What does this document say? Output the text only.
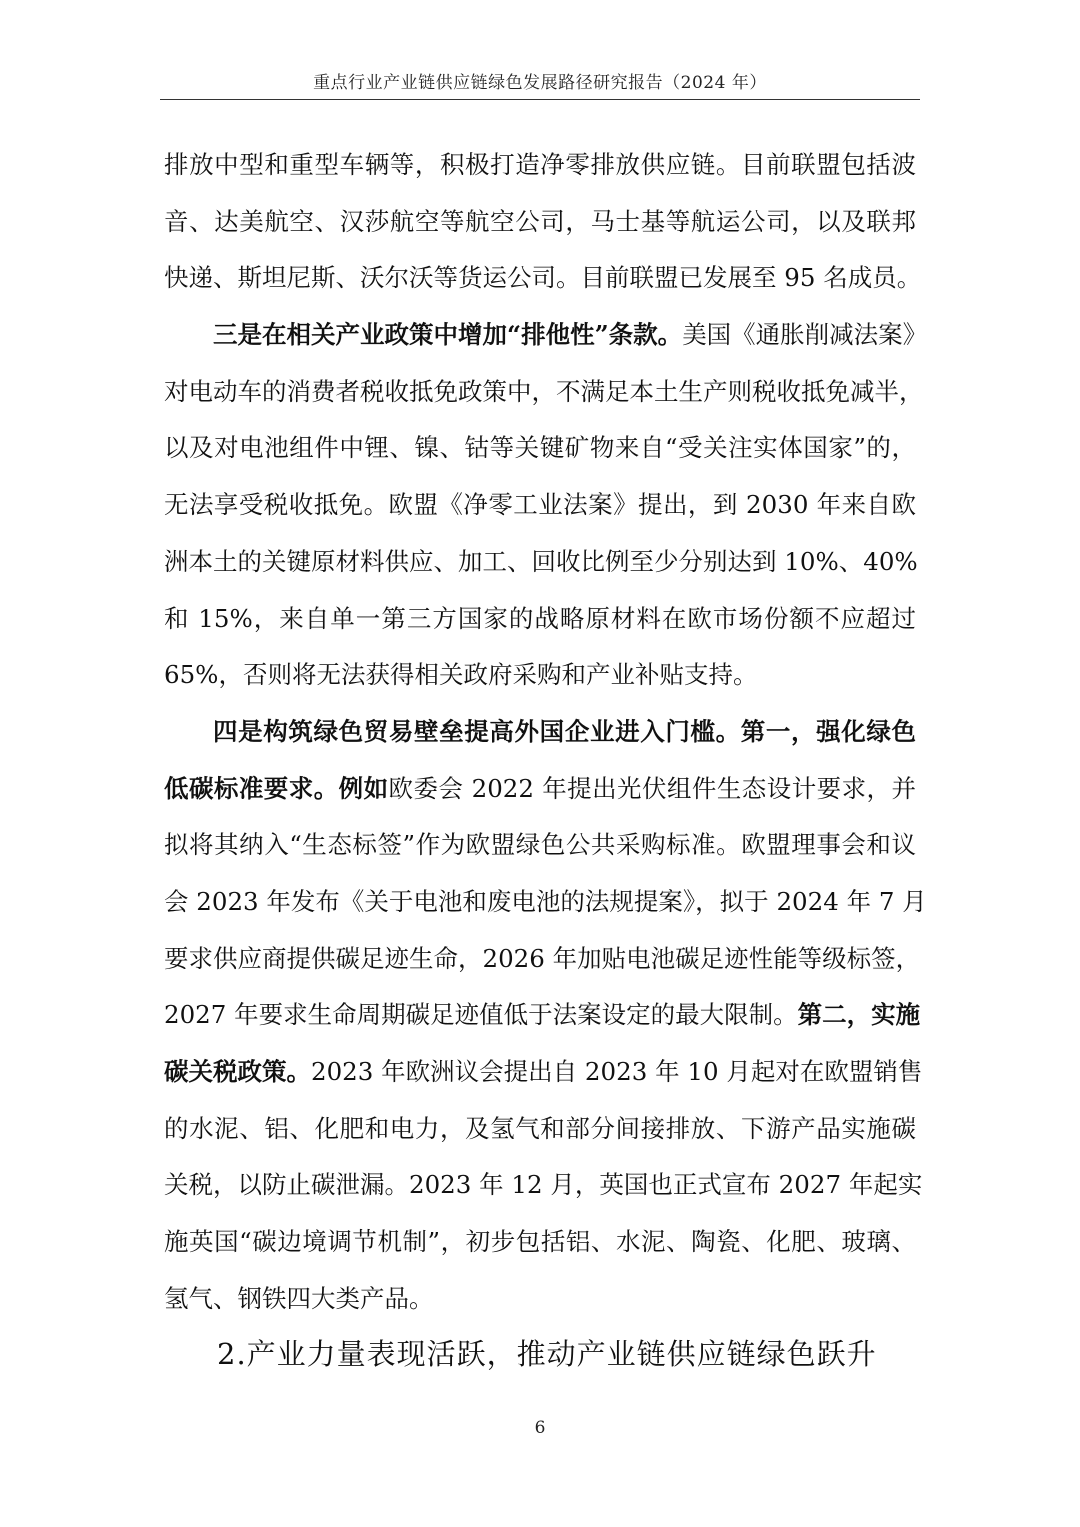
重点行业产业链供应链绿色发展路径研究报告（2024 年）
排放中型和重型车辆等，积极打造净零排放供应链。目前联盟包括波
音、达美航空、汉莎航空等航空公司，马士基等航运公司，以及联邦
快递、斯坦尼斯、沃尔沃等货运公司。目前联盟已发展至 95 名成员。
三是在相关产业政策中增加“排他性”条款。美国《通胀削减法案》
对电动车的消费者税收抵免政策中，不满足本土生产则税收抵免减半，
以及对电池组件中锂、镍、钴等关键矿物来自“受关注实体国家”的，
无法享受税收抵免。欧盟《净零工业法案》提出，到 2030 年来自欧
洲本土的关键原材料供应、加工、回收比例至少分别达到 10%、40%
和 15%，来自单一第三方国家的战略原材料在欧市场份额不应超过
65%，否则将无法获得相关政府采购和产业补贴支持。
四是构筑绿色贸易壁垒提高外国企业进入门槛。第一，强化绿色
低碳标准要求。例如欧委会 2022 年提出光伏组件生态设计要求，并
拟将其纳入“生态标签”作为欧盟绿色公共采购标准。欧盟理事会和议
会 2023 年发布《关于电池和废电池的法规提案》，拟于 2024 年 7 月
要求供应商提供碳足迹生命，2026 年加贴电池碳足迹性能等级标签，
2027 年要求生命周期碳足迹值低于法案设定的最大限制。第二，实施
碳关税政策。2023 年欧洲议会提出自 2023 年 10 月起对在欧盟销售
的水泥、铝、化肥和电力，及氢气和部分间接排放、下游产品实施碳
关税，以防止碳泄漏。2023 年 12 月，英国也正式宣布 2027 年起实
施英国“碳边境调节机制”，初步包括铝、水泥、陶瓷、化肥、玻璃、
氢气、钢铁四大类产品。
2.产业力量表现活跃，推动产业链供应链绿色跃升
6
